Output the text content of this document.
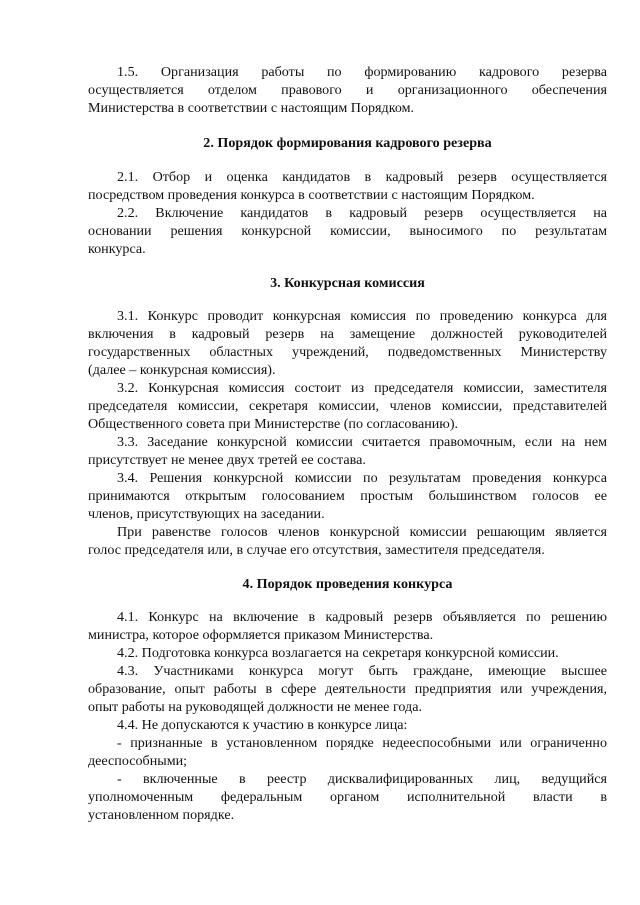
1.5. Организация работы по формированию кадрового резерва
осуществляется отделом правового и организационного обеспечения
Министерства в соответствии с настоящим Порядком.
2. Порядок формирования кадрового резерва
2.1. Отбор и оценка кандидатов в кадровый резерв осуществляется
посредством проведения конкурса в соответствии с настоящим Порядком.
2.2. Включение кандидатов в кадровый резерв осуществляется на
основании решения конкурсной комиссии, выносимого по результатам
конкурса.
3. Конкурсная комиссия
3.1. Конкурс проводит конкурсная комиссия по проведению конкурса для
включения в кадровый резерв на замещение должностей руководителей
государственных областных учреждений, подведомственных Министерству
(далее – конкурсная комиссия).
3.2. Конкурсная комиссия состоит из председателя комиссии, заместителя
председателя комиссии, секретаря комиссии, членов комиссии, представителей
Общественного совета при Министерстве (по согласованию).
3.3. Заседание конкурсной комиссии считается правомочным, если на нем
присутствует не менее двух третей ее состава.
3.4. Решения конкурсной комиссии по результатам проведения конкурса
принимаются открытым голосованием простым большинством голосов ее
членов, присутствующих на заседании.
При равенстве голосов членов конкурсной комиссии решающим является
голос председателя или, в случае его отсутствия, заместителя председателя.
4. Порядок проведения конкурса
4.1. Конкурс на включение в кадровый резерв объявляется по решению
министра, которое оформляется приказом Министерства.
4.2. Подготовка конкурса возлагается на секретаря конкурсной комиссии.
4.3. Участниками конкурса могут быть граждане, имеющие высшее
образование, опыт работы в сфере деятельности предприятия или учреждения,
опыт работы на руководящей должности не менее года.
4.4. Не допускаются к участию в конкурсе лица:
- признанные в установленном порядке недееспособными или ограниченно
дееспособными;
- включенные в реестр дисквалифицированных лиц, ведущийся
уполномоченным федеральным органом исполнительной власти в
установленном порядке.
